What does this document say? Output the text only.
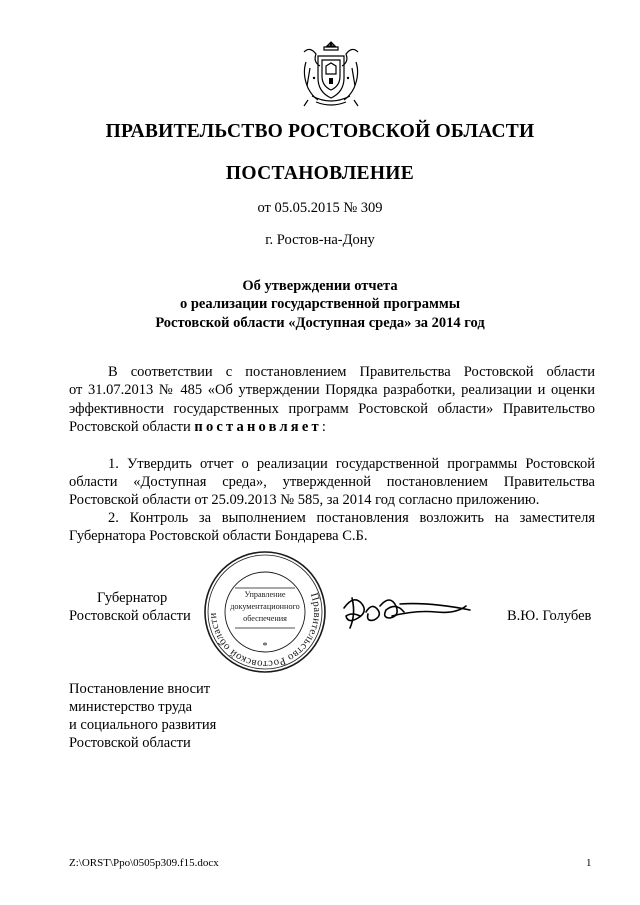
ПРАВИТЕЛЬСТВО РОСТОВСКОЙ ОБЛАСТИ
ПОСТАНОВЛЕНИЕ
от 05.05.2015 № 309
г. Ростов-на-Дону
Об утверждении отчета
о реализации государственной программы
Ростовской области «Доступная среда» за 2014 год
В соответствии с постановлением Правительства Ростовской области
от 31.07.2013 № 485 «Об утверждении Порядка разработки, реализации и оценки
эффективности государственных программ Ростовской области» Правительство
Ростовской области постановляет:
1. Утвердить отчет о реализации государственной программы Ростовской
области «Доступная среда», утвержденной постановлением Правительства
Ростовской области от 25.09.2013 № 585, за 2014 год согласно приложению.
2. Контроль за выполнением постановления возложить на заместителя
Губернатора Ростовской области Бондарева С.Б.
Губернатор
Ростовской области	В.Ю. Голубев
Правительство Ростовской области
Управление
документационного
обеспечения
*
Постановление вносит
министерство труда
и социального развития
Ростовской области
Z:\ORST\Ppo\0505p309.f15.docx	1
